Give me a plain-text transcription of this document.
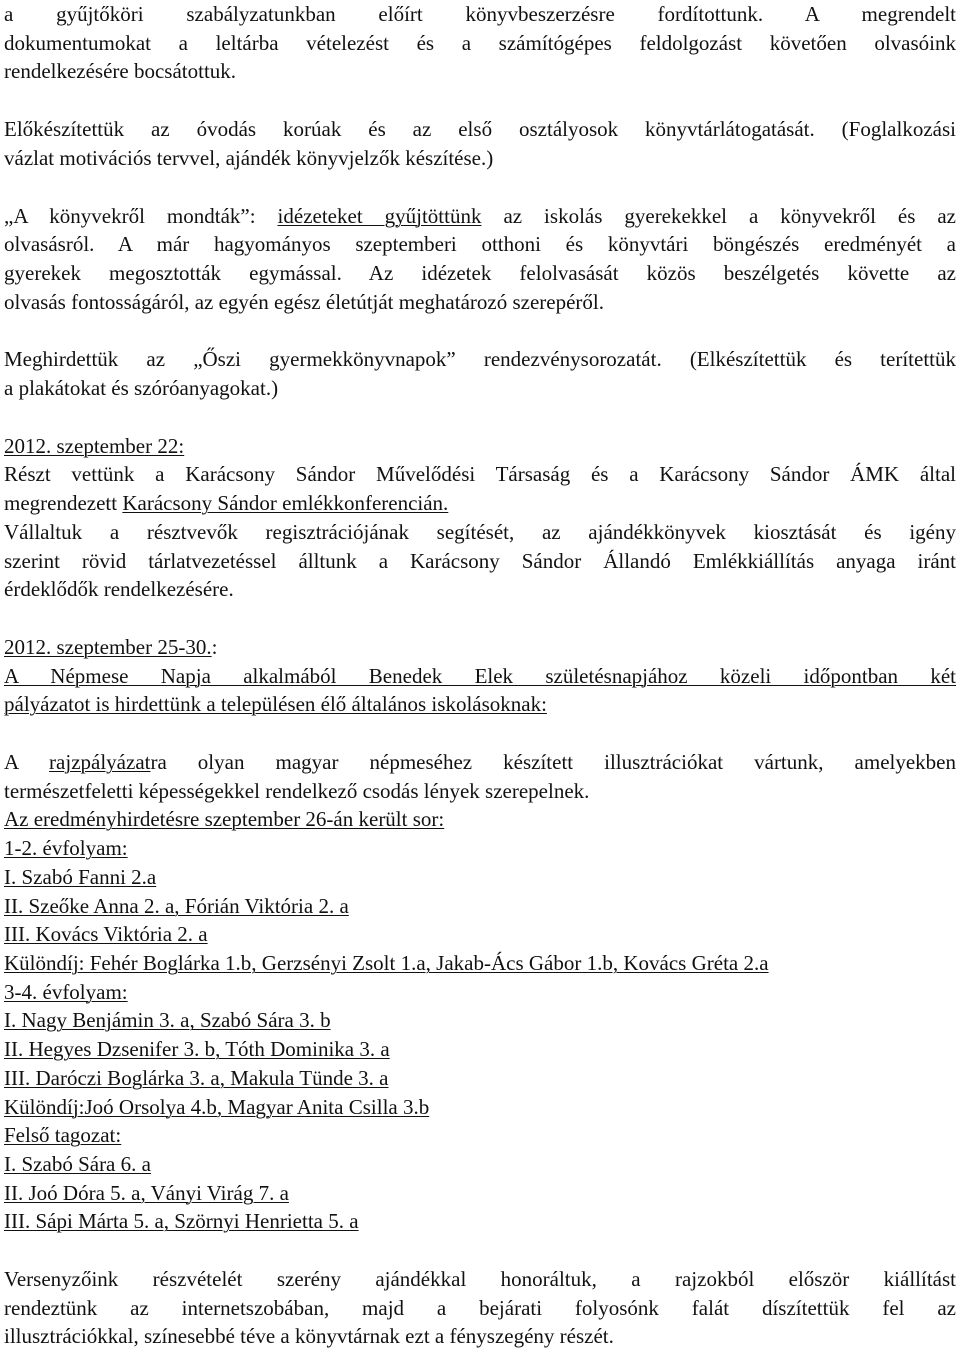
a gyűjtőköri szabályzatunkban előírt könyvbeszerzésre fordítottunk. A megrendelt
dokumentumokat a leltárba vételezést és a számítógépes feldolgozást követően olvasóink
rendelkezésére bocsátottuk.
Előkészítettük az óvodás korúak és az első osztályosok könyvtárlátogatását. (Foglalkozási
vázlat motivációs tervvel, ajándék könyvjelzők készítése.)
„A könyvekről mondták”: idézeteket gyűjtöttünk az iskolás gyerekekkel a könyvekről és az
olvasásról. A már hagyományos szeptemberi otthoni és könyvtári böngészés eredményét a
gyerekek megosztották egymással. Az idézetek felolvasását közös beszélgetés követte az
olvasás fontosságáról, az egyén egész életútját meghatározó szerepéről.
Meghirdettük az „Őszi gyermekkönyvnapok” rendezvénysorozatát. (Elkészítettük és terítettük
a plakátokat és szóróanyagokat.)
2012. szeptember 22:
Részt vettünk a Karácsony Sándor Művelődési Társaság és a Karácsony Sándor ÁMK által
megrendezett Karácsony Sándor emlékkonferencián.
Vállaltuk a résztvevők regisztrációjának segítését, az ajándékkönyvek kiosztását és igény
szerint rövid tárlatvezetéssel álltunk a Karácsony Sándor Állandó Emlékkiállítás anyaga iránt
érdeklődők rendelkezésére.
2012. szeptember 25-30.:
A Népmese Napja alkalmából Benedek Elek születésnapjához közeli időpontban két
pályázatot is hirdettünk a településen élő általános iskolásoknak:
A rajzpályázatra olyan magyar népmeséhez készített illusztrációkat vártunk, amelyekben
természetfeletti képességekkel rendelkező csodás lények szerepelnek.
Az eredményhirdetésre szeptember 26-án került sor:
1-2. évfolyam:
I. Szabó Fanni 2.a
II. Szeőke Anna 2. a, Fórián Viktória 2. a
III. Kovács Viktória 2. a
Különdíj: Fehér Boglárka 1.b, Gerzsényi Zsolt 1.a, Jakab-Ács Gábor 1.b, Kovács Gréta 2.a
3-4. évfolyam:
I. Nagy Benjámin 3. a, Szabó Sára 3. b
II. Hegyes Dzsenifer 3. b, Tóth Dominika 3. a
III. Daróczi Boglárka 3. a, Makula Tünde 3. a
Különdíj:Joó Orsolya 4.b, Magyar Anita Csilla 3.b
Felső tagozat:
I. Szabó Sára 6. a
II. Joó Dóra 5. a, Ványi Virág 7. a
III. Sápi Márta 5. a, Szörnyi Henrietta 5. a
Versenyzőink részvételét szerény ajándékkal honoráltuk, a rajzokból először kiállítást
rendeztünk az internetszobában, majd a bejárati folyosónk falát díszítettük fel az
illusztrációkkal, színesebbé téve a könyvtárnak ezt a fényszegény részét.
